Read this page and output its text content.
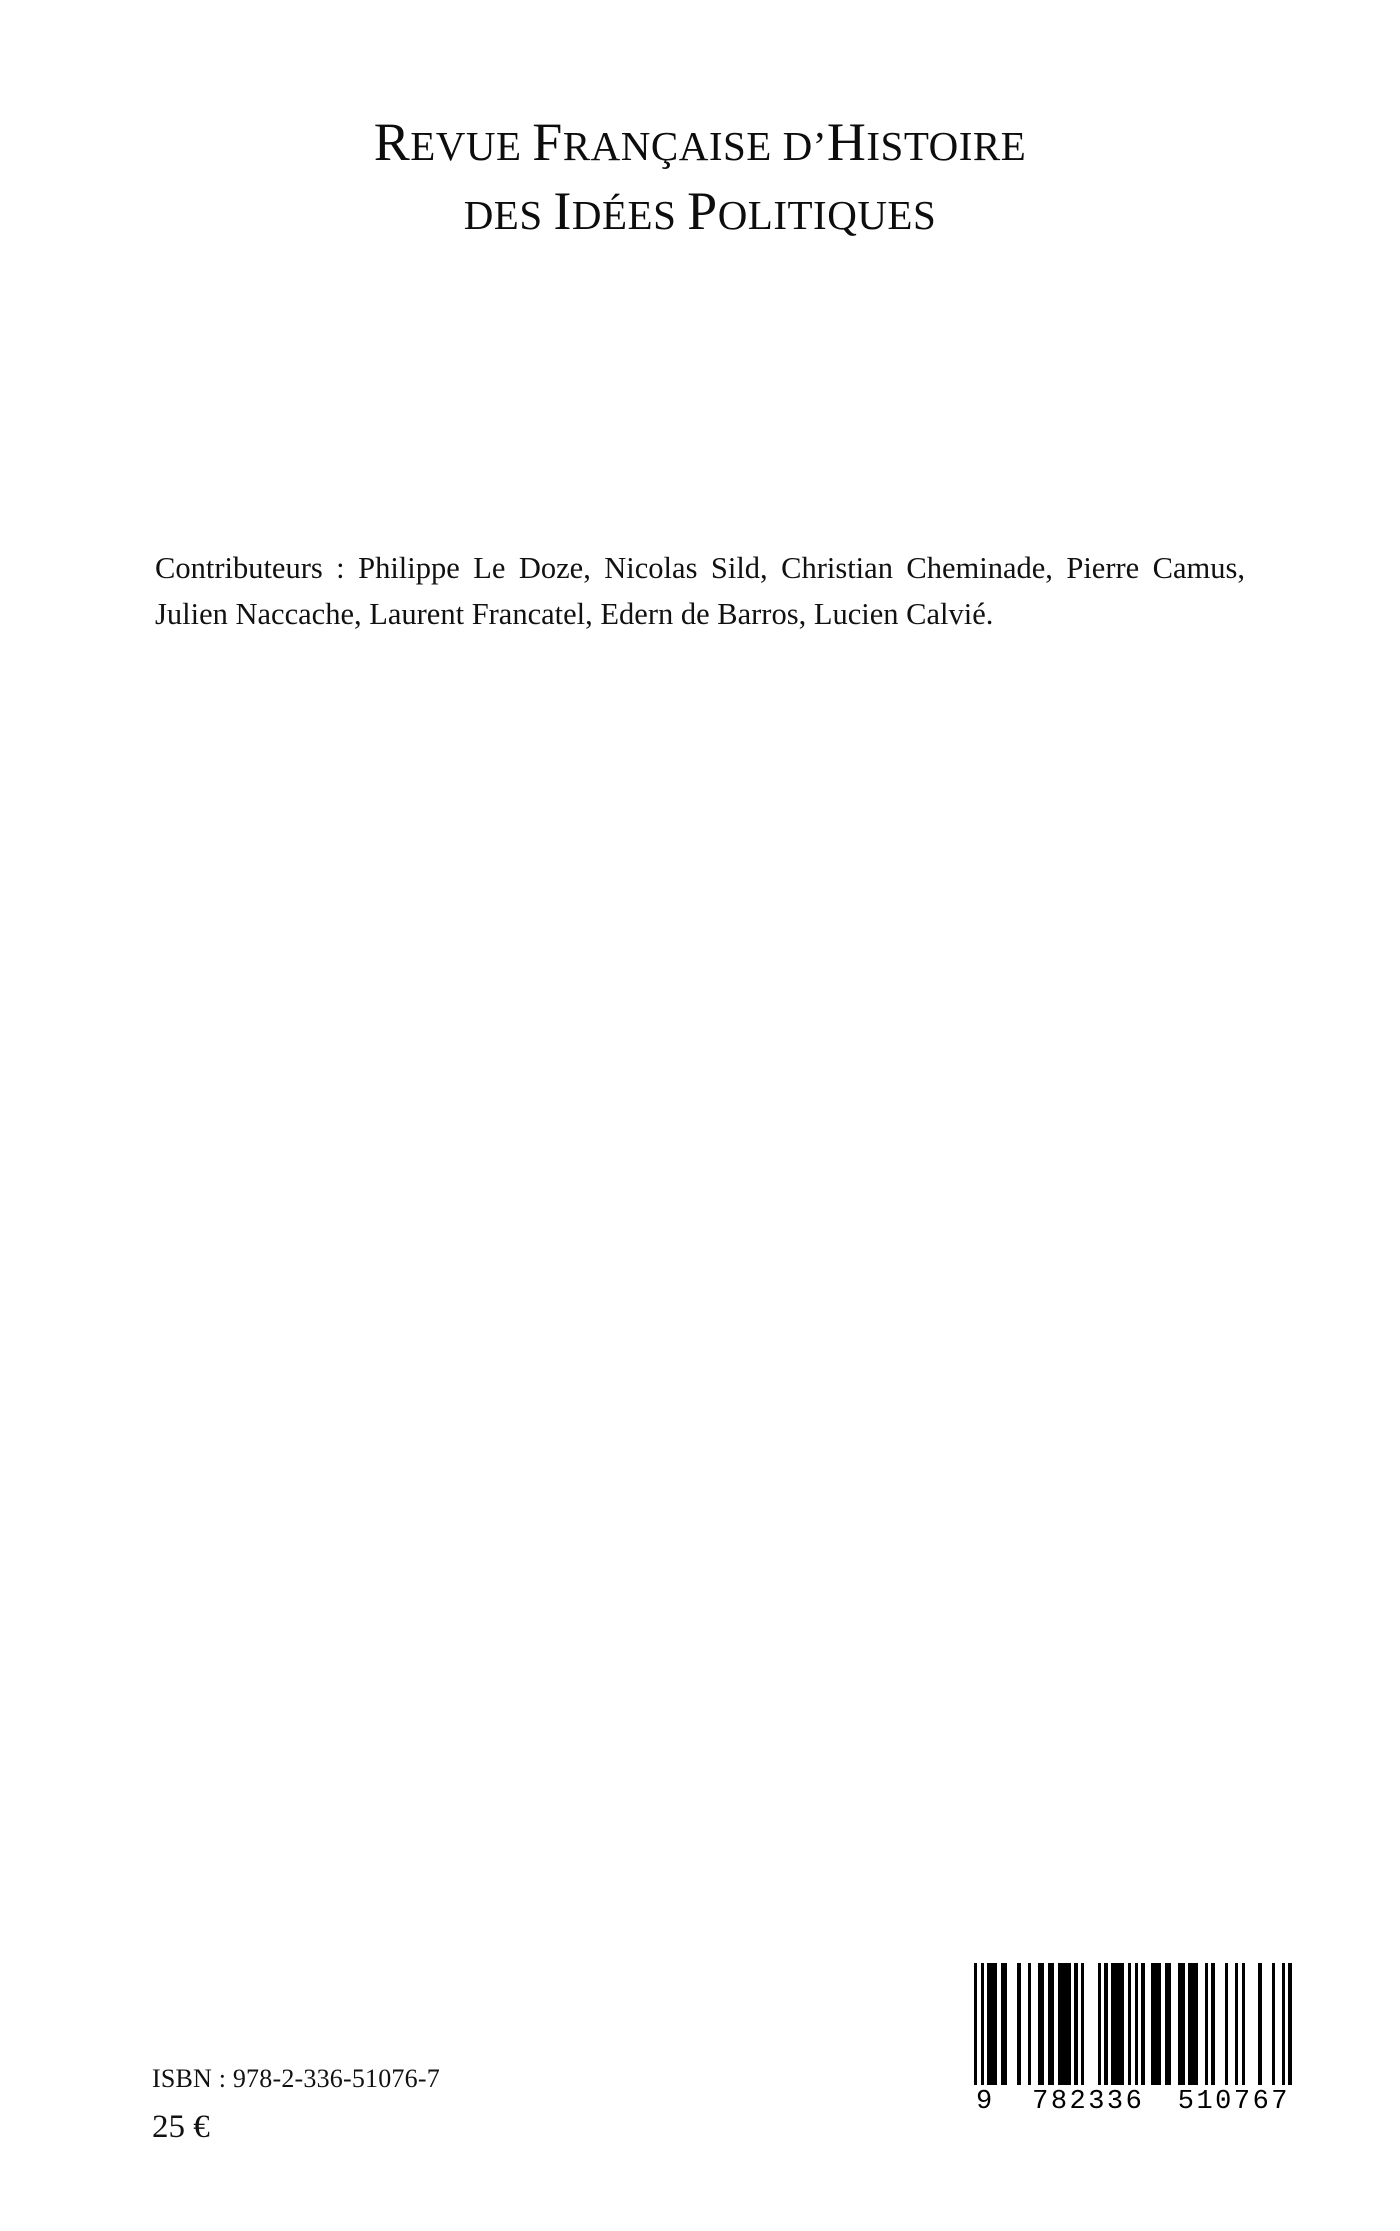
REVUE FRANÇAISE D’HISTOIRE
DES IDÉES POLITIQUES
Contributeurs : Philippe Le Doze, Nicolas Sild, Christian Cheminade, Pierre Camus, Julien Naccache, Laurent Francatel, Edern de Barros, Lucien Calvié.
ISBN : 978-2-336-51076-7
25 €
9 782336 510767
